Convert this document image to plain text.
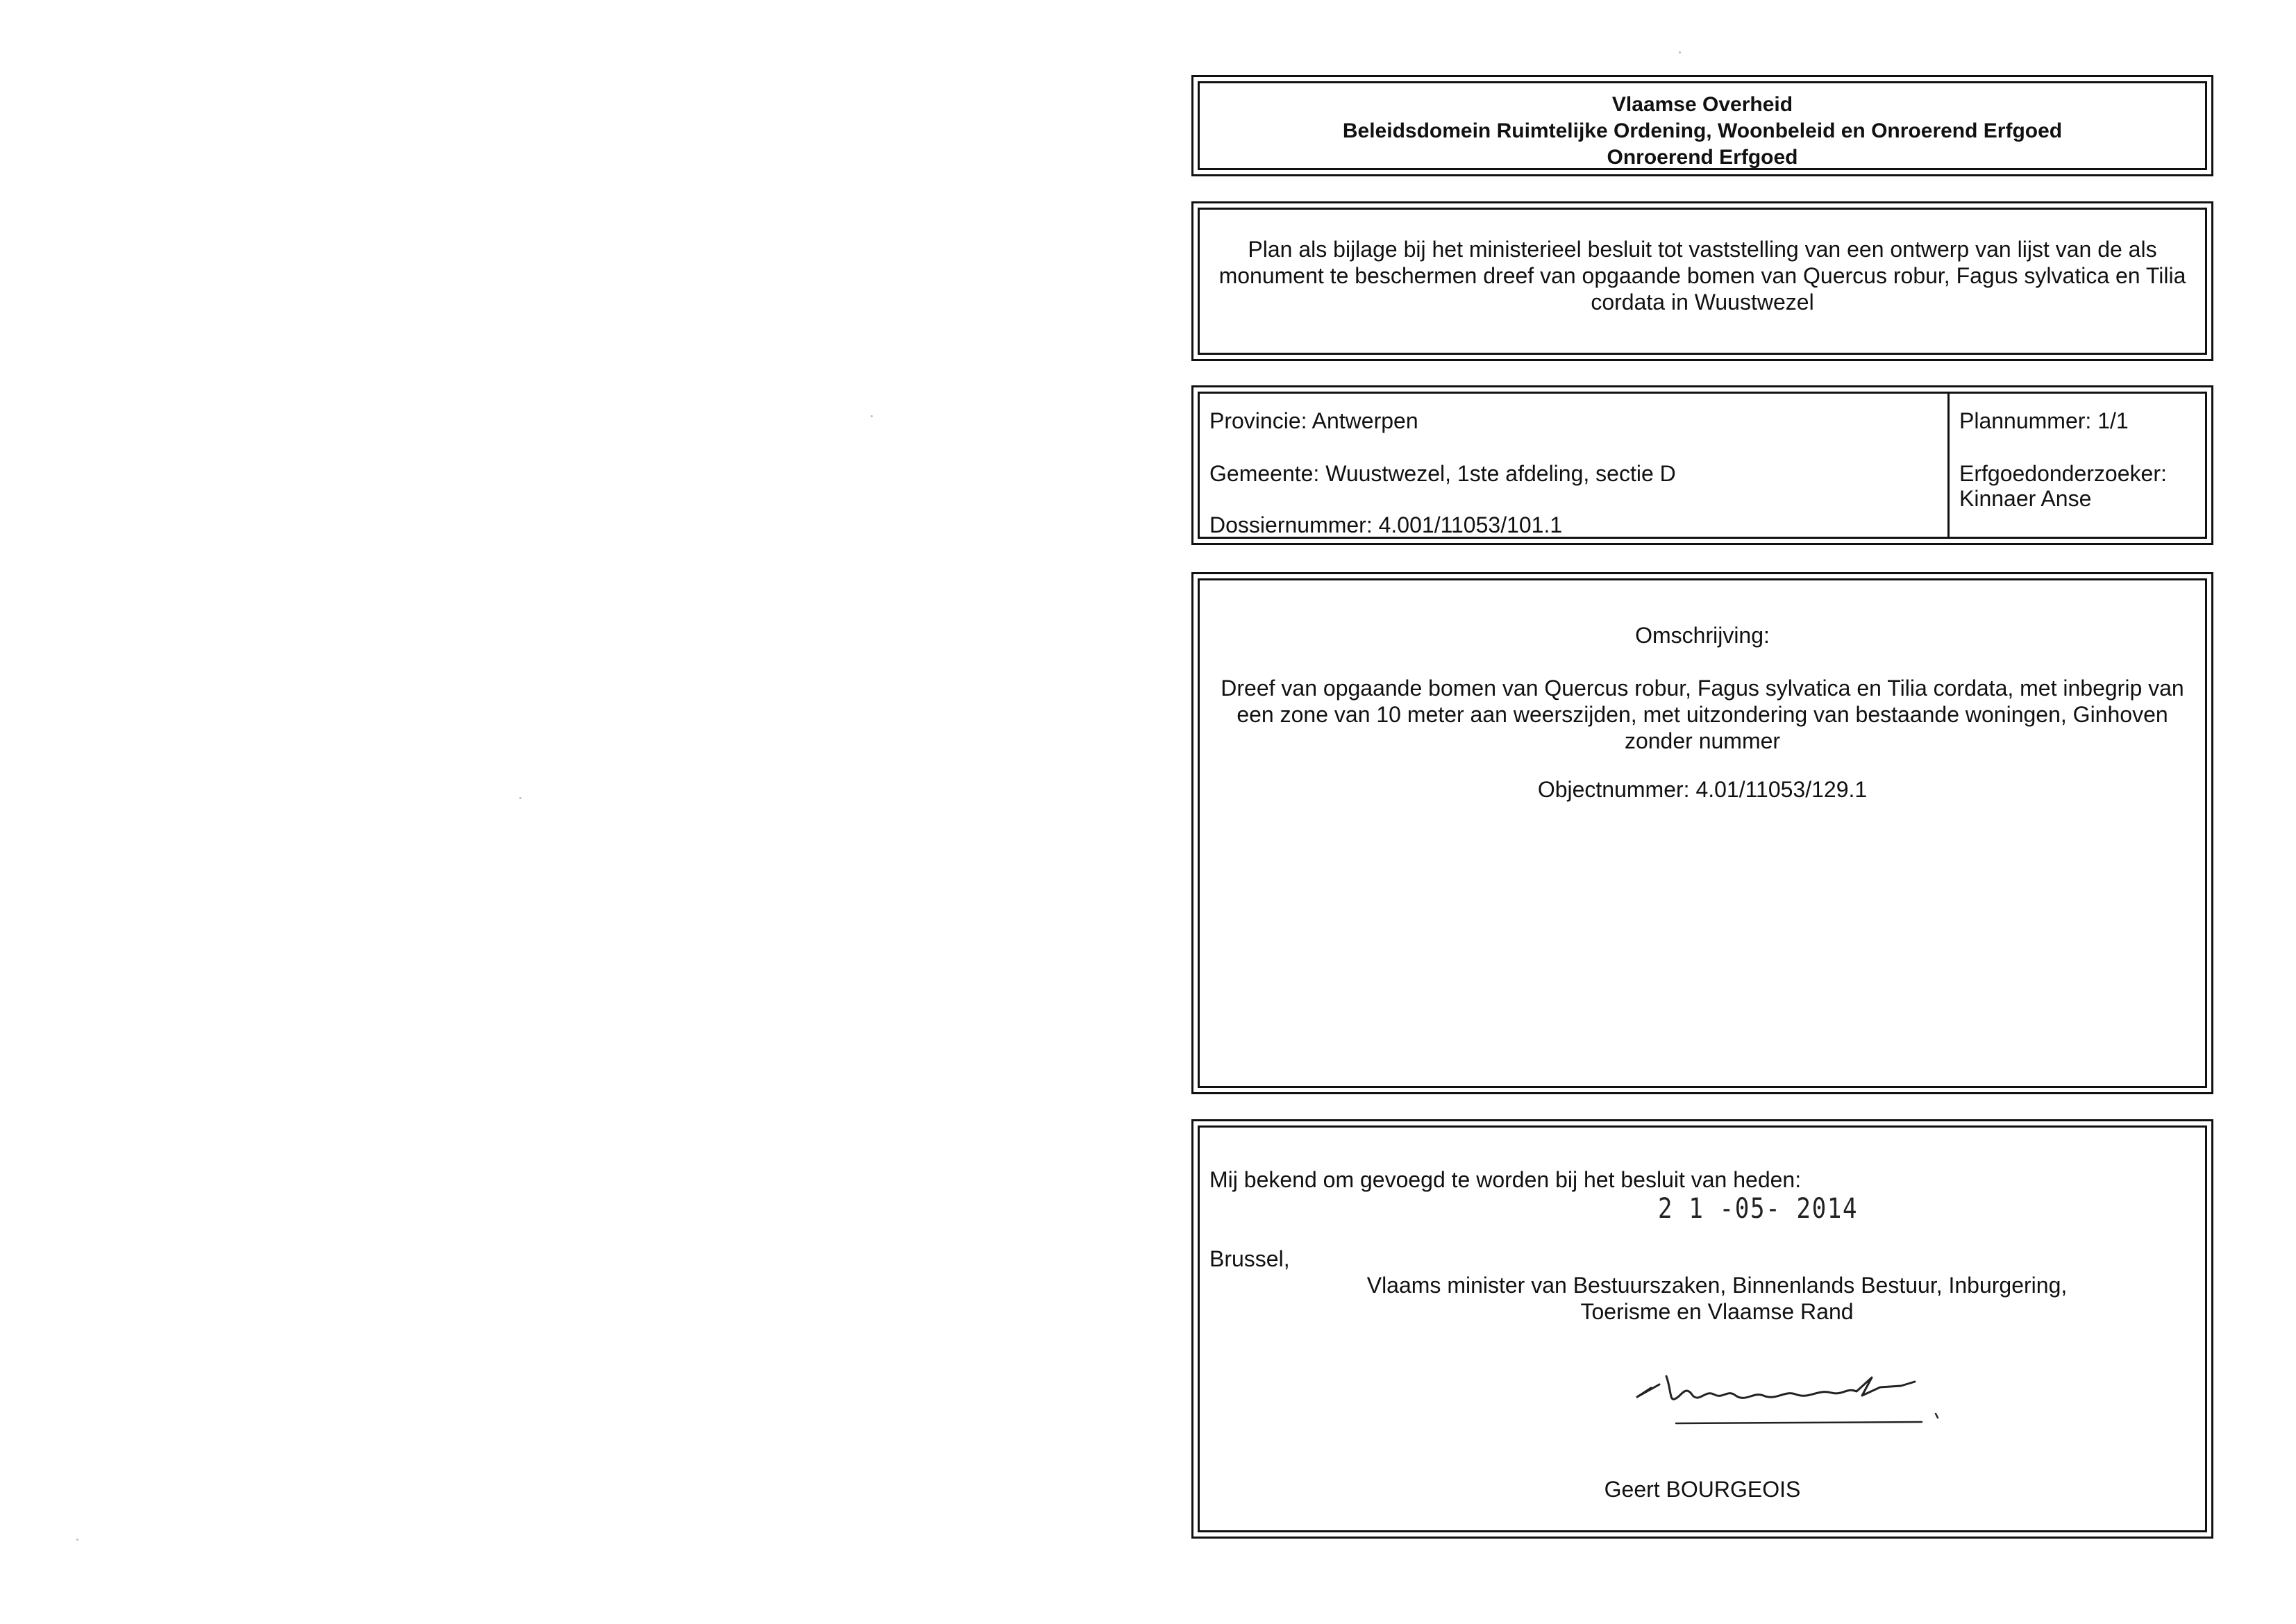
Vlaamse Overheid
Beleidsdomein Ruimtelijke Ordening, Woonbeleid en Onroerend Erfgoed
Onroerend Erfgoed
Plan als bijlage bij het ministerieel besluit tot vaststelling van een ontwerp van lijst van de als monument te beschermen dreef van opgaande bomen van Quercus robur, Fagus sylvatica en Tilia cordata in Wuustwezel
Provincie: Antwerpen
Gemeente: Wuustwezel, 1ste afdeling, sectie D
Dossiernummer: 4.001/11053/101.1
Plannummer: 1/1
Erfgoedonderzoeker:
Kinnaer Anse
Omschrijving:
Dreef van opgaande bomen van Quercus robur, Fagus sylvatica en Tilia cordata, met inbegrip van een zone van 10 meter aan weerszijden, met uitzondering van bestaande woningen, Ginhoven zonder nummer
Objectnummer: 4.01/11053/129.1
Mij bekend om gevoegd te worden bij het besluit van heden:
2 1 -05- 2014
Brussel,
Vlaams minister van Bestuurszaken, Binnenlands Bestuur, Inburgering, Toerisme en Vlaamse Rand
Geert BOURGEOIS
